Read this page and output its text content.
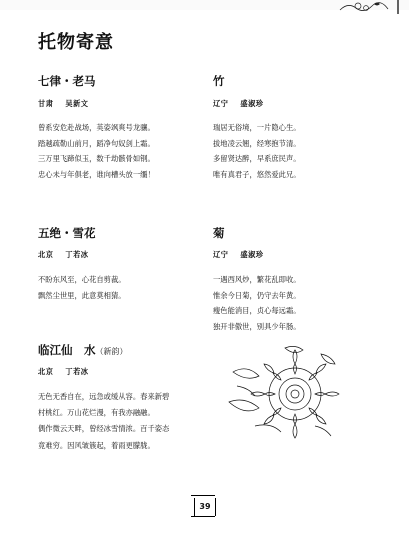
托物寄意
七律・老马
甘肃 吴新文
曾系安危赴战场，英姿飒爽号龙骧。
踏越疏勒山前月，蹈净句奴剑上霜。
三万里飞蹄似玉，数千劫骸骨如钢。
忠心未与年俱老，谁向槽头放一缰！
竹
辽宁 盛淑珍
瑞居无俗境，一片隐心生。
拔地凌云翘，经寒抱节清。
多留贤达醉，早系庶民声。
唯有真君子，悠然爱此兄。
五绝・雪花
北京 丁若冰
不盼东风至，心花自剪裁。
飘然尘世里，此意莫相猜。
菊
辽宁 盛淑珍
一遇西风炒，繁花乱即收。
惟余今日菊，仍守去年黄。
瘦色能消目，贞心每远霜。
独开非傲世，别具少年肠。
临江仙　水（新韵）
北京 丁若冰
无色无香自在，远急或缓从容。春来新碧
村桃红。万山花烂漫，有我亦融融。
偶作微云天畔，曾经冰雪情浓。百千姿态
竟难穷。因风皱簇起，着雨更朦胧。
39
